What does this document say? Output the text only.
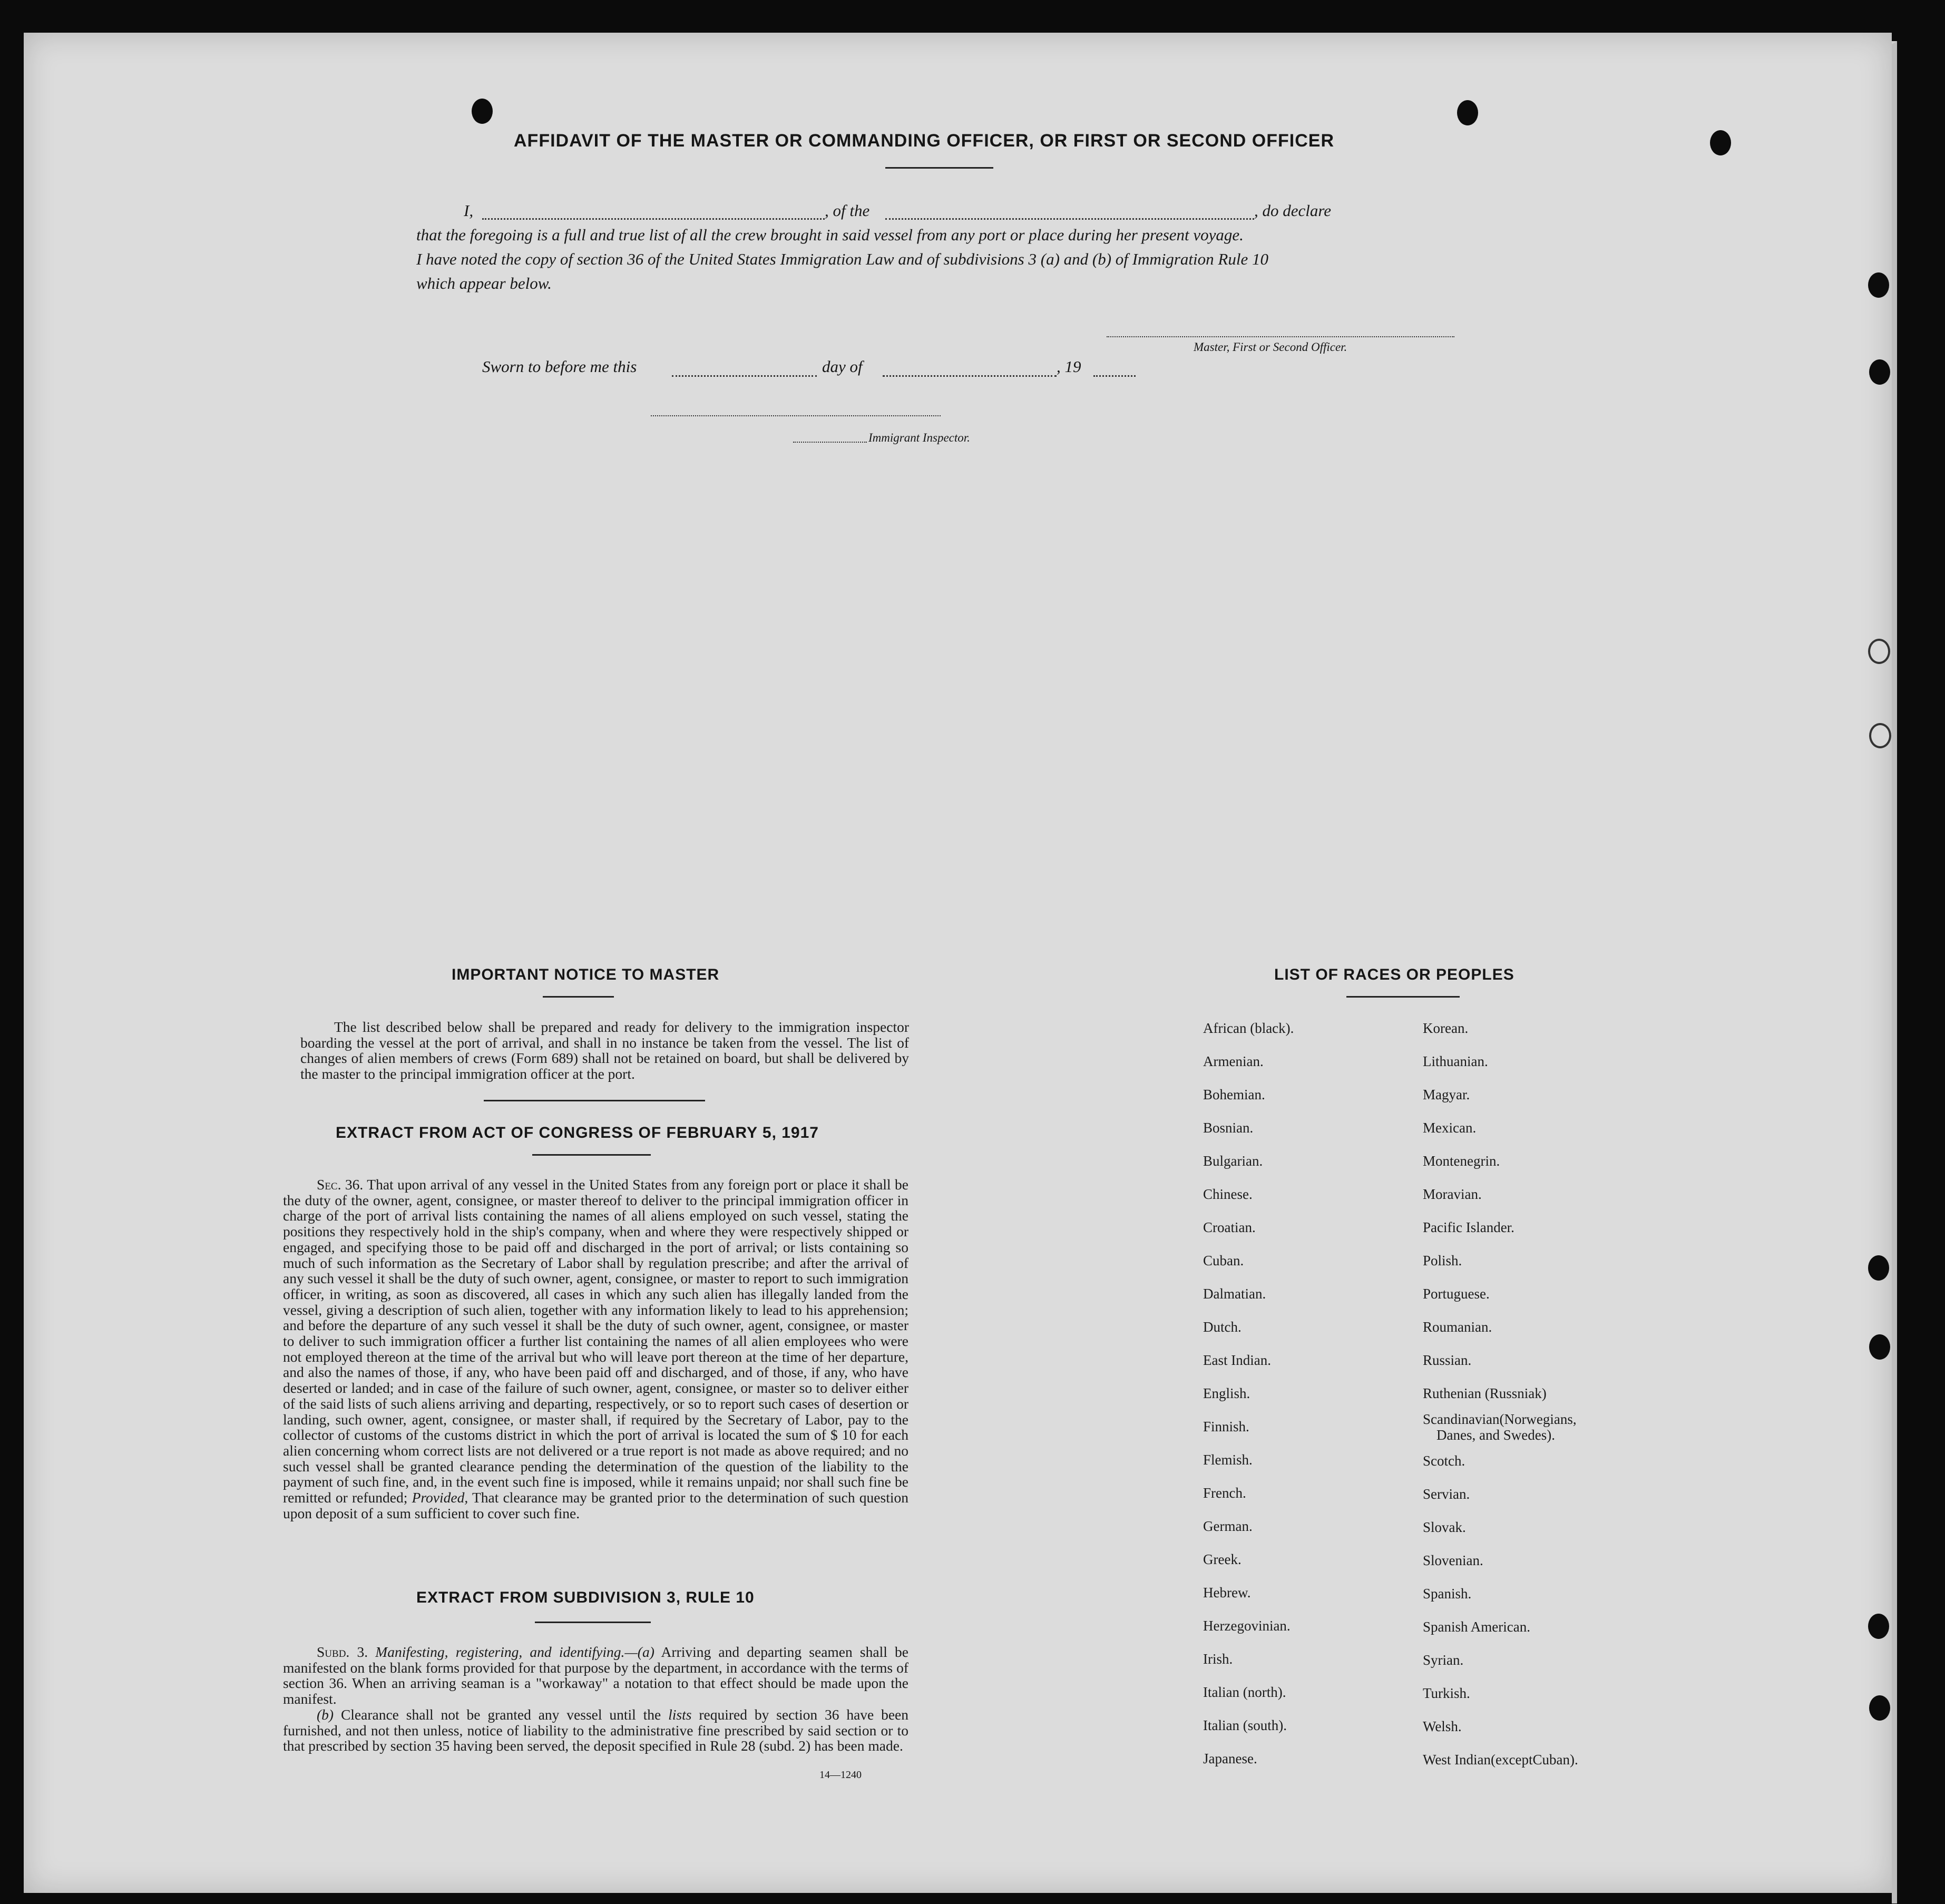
AFFIDAVIT OF THE MASTER OR COMMANDING OFFICER, OR FIRST OR SECOND OFFICER
I,	, of the	, do declare
that the foregoing is a full and true list of all the crew brought in said vessel from any port or place during her present voyage.
I have noted the copy of section 36 of the United States Immigration Law and of subdivisions 3 (a) and (b) of Immigration Rule 10
which appear below.
Master, First or Second Officer.
Sworn to before me this	day of	, 19
Immigrant Inspector.
IMPORTANT NOTICE TO MASTER

The list described below shall be prepared and ready for delivery to the immigration inspector boarding the vessel at the port of arrival, and shall in no instance be taken from the vessel. The list of changes of alien members of crews (Form 689) shall not be retained on board, but shall be delivered by the master to the principal immigration officer at the port.

EXTRACT FROM ACT OF CONGRESS OF FEBRUARY 5, 1917

Sec. 36. That upon arrival of any vessel in the United States from any foreign port or place it shall be the duty of the owner, agent, consignee, or master thereof to deliver to the principal immigration officer in charge of the port of arrival lists containing the names of all aliens employed on such vessel, stating the positions they respectively hold in the ship's company, when and where they were respectively shipped or engaged, and specifying those to be paid off and discharged in the port of arrival; or lists containing so much of such information as the Secretary of Labor shall by regulation prescribe; and after the arrival of any such vessel it shall be the duty of such owner, agent, consignee, or master to report to such immigration officer, in writing, as soon as discovered, all cases in which any such alien has illegally landed from the vessel, giving a description of such alien, together with any information likely to lead to his apprehension; and before the departure of any such vessel it shall be the duty of such owner, agent, consignee, or master to deliver to such immigration officer a further list containing the names of all alien employees who were not employed thereon at the time of the arrival but who will leave port thereon at the time of her departure, and also the names of those, if any, who have been paid off and discharged, and of those, if any, who have deserted or landed; and in case of the failure of such owner, agent, consignee, or master so to deliver either of the said lists of such aliens arriving and departing, respectively, or so to report such cases of desertion or landing, such owner, agent, consignee, or master shall, if required by the Secretary of Labor, pay to the collector of customs of the customs district in which the port of arrival is located the sum of $ 10 for each alien concerning whom correct lists are not delivered or a true report is not made as above required; and no such vessel shall be granted clearance pending the determination of the question of the liability to the payment of such fine, and, in the event such fine is imposed, while it remains unpaid; nor shall such fine be remitted or refunded; Provided, That clearance may be granted prior to the determination of such question upon deposit of a sum sufficient to cover such fine.

EXTRACT FROM SUBDIVISION 3, RULE 10

Subd. 3. Manifesting, registering, and identifying.—(a) Arriving and departing seamen shall be manifested on the blank forms provided for that purpose by the department, in accordance with the terms of section 36. When an arriving seaman is a "workaway" a notation to that effect should be made upon the manifest.

(b) Clearance shall not be granted any vessel until the lists required by section 36 have been furnished, and not then unless, notice of liability to the administrative fine prescribed by said section or to that prescribed by section 35 having been served, the deposit specified in Rule 28 (subd. 2) has been made.

14—1240
LIST OF RACES OR PEOPLES
African (black).
Armenian.
Bohemian.
Bosnian.
Bulgarian.
Chinese.
Croatian.
Cuban.
Dalmatian.
Dutch.
East Indian.
English.
Finnish.
Flemish.
French.
German.
Greek.
Hebrew.
Herzegovinian.
Irish.
Italian (north).
Italian (south).
Japanese.
Korean.
Lithuanian.
Magyar.
Mexican.
Montenegrin.
Moravian.
Pacific Islander.
Polish.
Portuguese.
Roumanian.
Russian.
Ruthenian (Russniak)
Scandinavian(Norwegians,
Danes, and Swedes).
Scotch.
Servian.
Slovak.
Slovenian.
Spanish.
Spanish American.
Syrian.
Turkish.
Welsh.
West Indian(exceptCuban).
